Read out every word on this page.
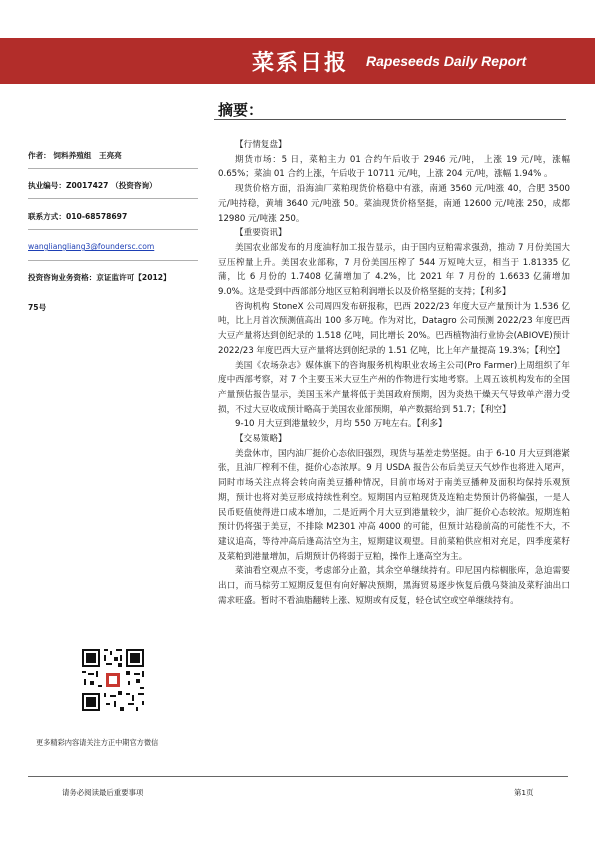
菜系日报 Rapeseeds Daily Report
摘要：
作者： 饲料养殖组　王亮亮
执业编号：Z0017427 （投资咨询）
联系方式：010-68578697
wangliangliang3@foundersc.com
投资咨询业务资格：京证监许可【2012】
75号
更多精彩内容请关注方正中期官方微信

【行情复盘】

期货市场：5 日，菜粕主力 01 合约午后收于 2946 元/吨， 上涨 19 元/吨，涨幅 0.65%；菜油 01 合约上涨，午后收于 10711 元/吨，上涨 204 元/吨，涨幅 1.94% 。

现货价格方面，沿海油厂菜粕现货价格稳中有涨，南通 3560 元/吨涨 40，合肥 3500 元/吨持稳，黄埔 3640 元/吨涨 50。菜油现货价格坚挺，南通 12600 元/吨涨 250，成都 12980 元/吨涨 250。

【重要资讯】

美国农业部发布的月度油籽加工报告显示，由于国内豆粕需求强劲，推动 7 月份美国大豆压榨量上升。美国农业部称，7 月份美国压榨了 544 万短吨大豆，相当于 1.81335 亿蒲，比 6 月份的 1.7408 亿蒲增加了 4.2%，比 2021 年 7 月份的 1.6633 亿蒲增加 9.0%。这是受到中西部部分地区豆粕利润增长以及价格坚挺的支持；【利多】

咨询机构 StoneX 公司周四发布研报称，巴西 2022/23 年度大豆产量预计为 1.536 亿吨，比上月首次预测值高出 100 多万吨。作为对比，Datagro 公司预测 2022/23 年度巴西大豆产量将达到创纪录的 1.518 亿吨，同比增长 20%。巴西植物油行业协会(ABIOVE)预计 2022/23 年度巴西大豆产量将达到创纪录的 1.51 亿吨，比上年产量提高 19.3%；【利空】

美国《农场杂志》媒体旗下的咨询服务机构职业农场主公司(Pro Farmer)上周组织了年度中西部考察，对 7 个主要玉米大豆生产州的作物进行实地考察。上周五该机构发布的全国产量预估报告显示，美国玉米产量将低于美国政府预期，因为炎热干燥天气导致单产潜力受损，不过大豆收成预计略高于美国农业部预期，单产数据给到 51.7；【利空】

9-10 月大豆到港量较少，月均 550 万吨左右。【利多】

【交易策略】

美盘休市，国内油厂挺价心态依旧强烈，现货与基差走势坚挺。由于 6-10 月大豆到港紧张，且油厂榨利不佳，挺价心态浓厚。9 月 USDA 报告公布后美豆天气炒作也将进入尾声，同时市场关注点将会转向南美豆播种情况，目前市场对于南美豆播种及面积均保持乐观预期，预计也将对美豆形成持续性利空。短期国内豆粕现货及连粕走势预计仍将偏强，一是人民币贬值使得进口成本增加，二是近两个月大豆到港量较少，油厂挺价心态较浓。短期连粕预计仍将强于美豆，不排除 M2301 冲高 4000 的可能，但预计站稳前高的可能性不大，不建议追高，等待冲高后逢高沽空为主，短期建议观望。目前菜粕供应相对充足，四季度菜籽及菜粕到港量增加，后期预计仍将弱于豆粕，操作上逢高空为主。

菜油看空观点不变，考虑部分止盈，其余空单继续持有。印尼国内棕榈胀库，急迫需要出口，而马棕劳工短期反复但有向好解决预期，黑海贸易逐步恢复后俄乌葵油及菜籽油出口需求旺盛。暂时不看油脂翻转上涨、短期或有反复，轻仓试空或空单继续持有。

请务必阅读最后重要事项	第1页
